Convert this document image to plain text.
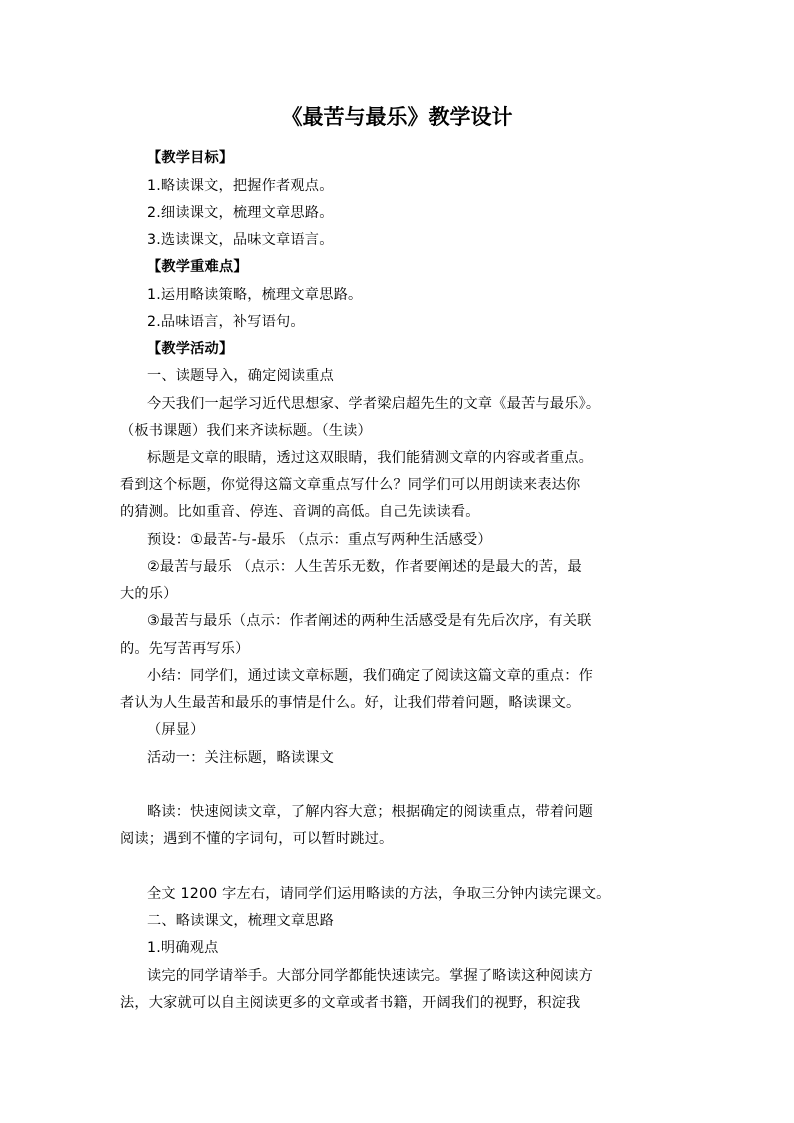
《最苦与最乐》教学设计
【教学目标】
1.略读课文，把握作者观点。
2.细读课文，梳理文章思路。
3.选读课文，品味文章语言。
【教学重难点】
1.运用略读策略，梳理文章思路。
2.品味语言，补写语句。
【教学活动】
一、读题导入，确定阅读重点
今天我们一起学习近代思想家、学者梁启超先生的文章《最苦与最乐》。
（板书课题）我们来齐读标题。（生读）
标题是文章的眼睛，透过这双眼睛，我们能猜测文章的内容或者重点。
看到这个标题，你觉得这篇文章重点写什么？同学们可以用朗读来表达你
的猜测。比如重音、停连、音调的高低。自己先读读看。
预设：①最苦-与-最乐 （点示：重点写两种生活感受）
②最苦与最乐 （点示：人生苦乐无数，作者要阐述的是最大的苦，最
大的乐）
③最苦与最乐（点示：作者阐述的两种生活感受是有先后次序，有关联
的。先写苦再写乐）
小结：同学们，通过读文章标题，我们确定了阅读这篇文章的重点：作
者认为人生最苦和最乐的事情是什么。好，让我们带着问题，略读课文。
（屏显）
活动一：关注标题，略读课文
略读：快速阅读文章，了解内容大意；根据确定的阅读重点，带着问题
阅读；遇到不懂的字词句，可以暂时跳过。
全文 1200 字左右，请同学们运用略读的方法，争取三分钟内读完课文。
二、略读课文，梳理文章思路
1.明确观点
读完的同学请举手。大部分同学都能快速读完。掌握了略读这种阅读方
法，大家就可以自主阅读更多的文章或者书籍，开阔我们的视野，积淀我
